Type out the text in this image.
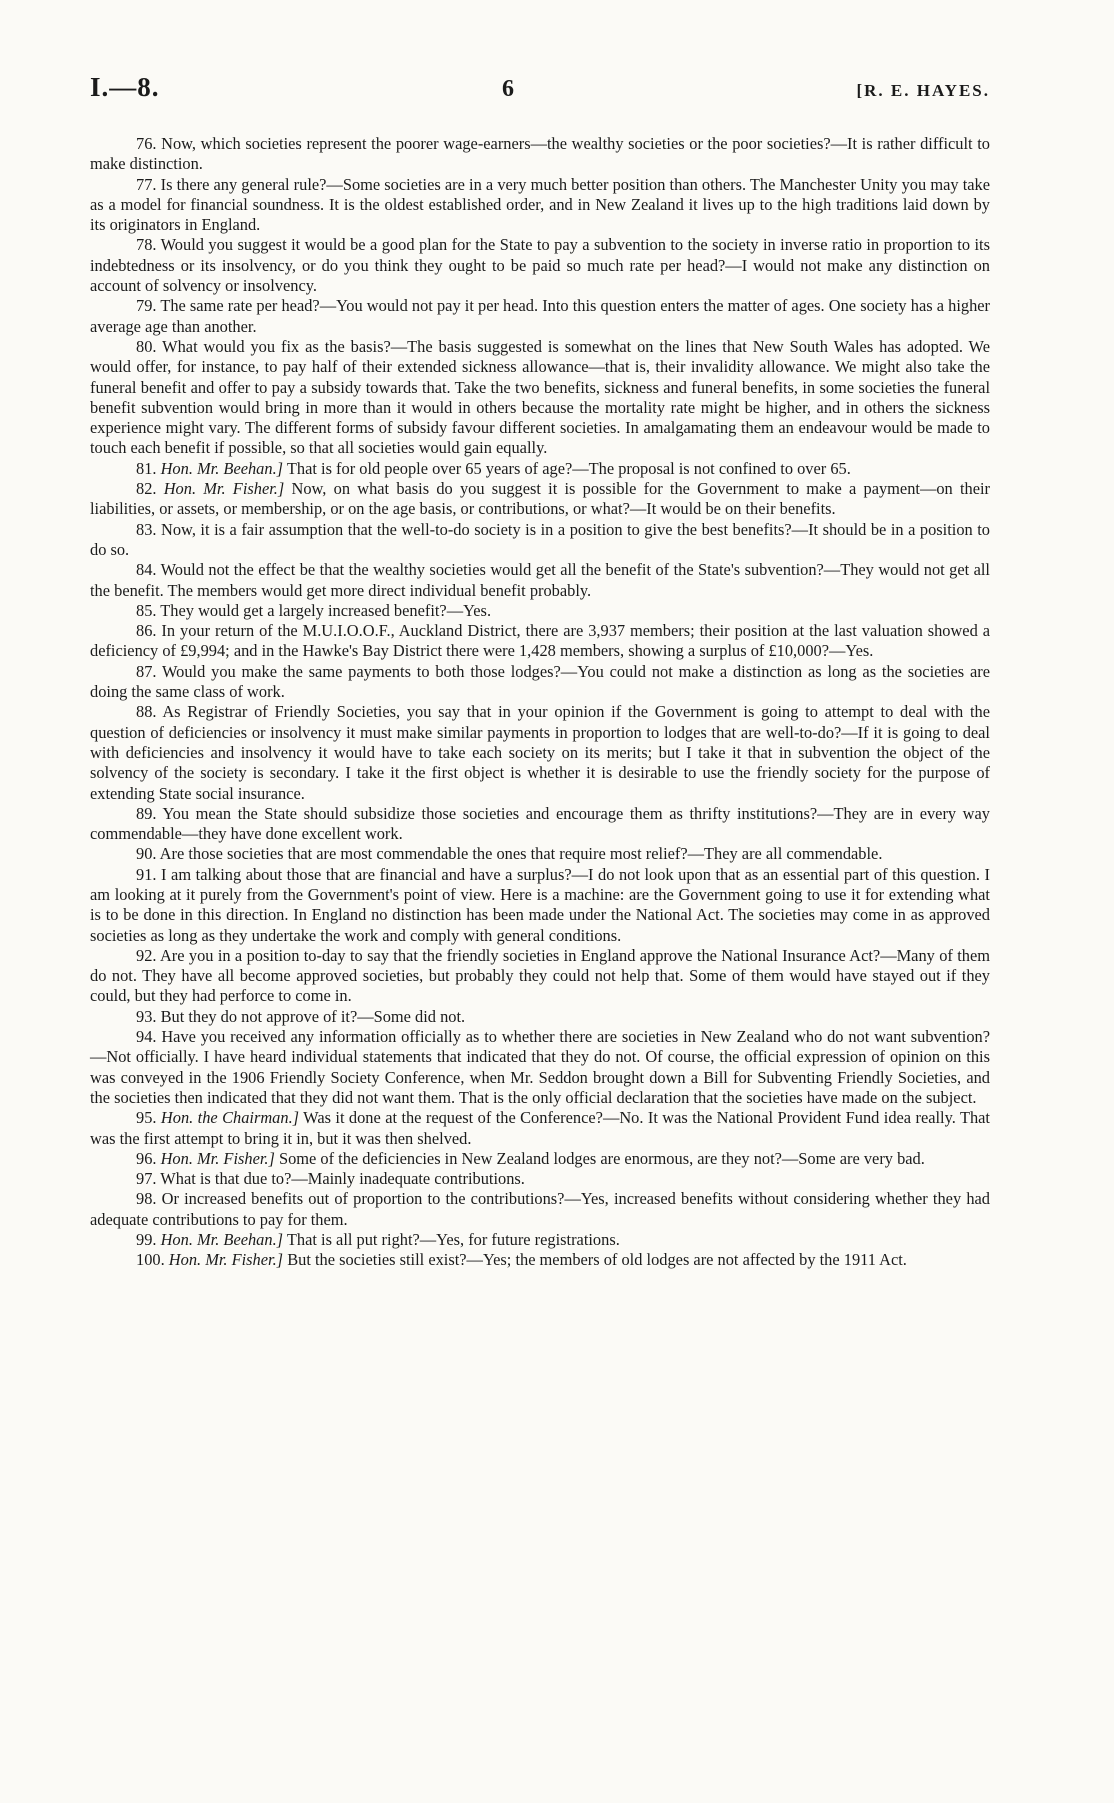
I.—8.	6	[R. E. HAYES.

76. Now, which societies represent the poorer wage-earners—the wealthy societies or the poor societies?—It is rather difficult to make distinction.

77. Is there any general rule?—Some societies are in a very much better position than others. The Manchester Unity you may take as a model for financial soundness. It is the oldest established order, and in New Zealand it lives up to the high traditions laid down by its originators in England.

78. Would you suggest it would be a good plan for the State to pay a subvention to the society in inverse ratio in proportion to its indebtedness or its insolvency, or do you think they ought to be paid so much rate per head?—I would not make any distinction on account of solvency or insolvency.

79. The same rate per head?—You would not pay it per head. Into this question enters the matter of ages. One society has a higher average age than another.

80. What would you fix as the basis?—The basis suggested is somewhat on the lines that New South Wales has adopted. We would offer, for instance, to pay half of their extended sickness allowance—that is, their invalidity allowance. We might also take the funeral benefit and offer to pay a subsidy towards that. Take the two benefits, sickness and funeral benefits, in some societies the funeral benefit subvention would bring in more than it would in others because the mortality rate might be higher, and in others the sickness experience might vary. The different forms of subsidy favour different societies. In amalgamating them an endeavour would be made to touch each benefit if possible, so that all societies would gain equally.

81. Hon. Mr. Beehan.] That is for old people over 65 years of age?—The proposal is not confined to over 65.

82. Hon. Mr. Fisher.] Now, on what basis do you suggest it is possible for the Government to make a payment—on their liabilities, or assets, or membership, or on the age basis, or contributions, or what?—It would be on their benefits.

83. Now, it is a fair assumption that the well-to-do society is in a position to give the best benefits?—It should be in a position to do so.

84. Would not the effect be that the wealthy societies would get all the benefit of the State's subvention?—They would not get all the benefit. The members would get more direct individual benefit probably.

85. They would get a largely increased benefit?—Yes.

86. In your return of the M.U.I.O.O.F., Auckland District, there are 3,937 members; their position at the last valuation showed a deficiency of £9,994; and in the Hawke's Bay District there were 1,428 members, showing a surplus of £10,000?—Yes.

87. Would you make the same payments to both those lodges?—You could not make a distinction as long as the societies are doing the same class of work.

88. As Registrar of Friendly Societies, you say that in your opinion if the Government is going to attempt to deal with the question of deficiencies or insolvency it must make similar payments in proportion to lodges that are well-to-do?—If it is going to deal with deficiencies and insolvency it would have to take each society on its merits; but I take it that in subvention the object of the solvency of the society is secondary. I take it the first object is whether it is desirable to use the friendly society for the purpose of extending State social insurance.

89. You mean the State should subsidize those societies and encourage them as thrifty institutions?—They are in every way commendable—they have done excellent work.

90. Are those societies that are most commendable the ones that require most relief?—They are all commendable.

91. I am talking about those that are financial and have a surplus?—I do not look upon that as an essential part of this question. I am looking at it purely from the Government's point of view. Here is a machine: are the Government going to use it for extending what is to be done in this direction. In England no distinction has been made under the National Act. The societies may come in as approved societies as long as they undertake the work and comply with general conditions.

92. Are you in a position to-day to say that the friendly societies in England approve the National Insurance Act?—Many of them do not. They have all become approved societies, but probably they could not help that. Some of them would have stayed out if they could, but they had perforce to come in.

93. But they do not approve of it?—Some did not.

94. Have you received any information officially as to whether there are societies in New Zealand who do not want subvention?—Not officially. I have heard individual statements that indicated that they do not. Of course, the official expression of opinion on this was conveyed in the 1906 Friendly Society Conference, when Mr. Seddon brought down a Bill for Subventing Friendly Societies, and the societies then indicated that they did not want them. That is the only official declaration that the societies have made on the subject.

95. Hon. the Chairman.] Was it done at the request of the Conference?—No. It was the National Provident Fund idea really. That was the first attempt to bring it in, but it was then shelved.

96. Hon. Mr. Fisher.] Some of the deficiencies in New Zealand lodges are enormous, are they not?—Some are very bad.

97. What is that due to?—Mainly inadequate contributions.

98. Or increased benefits out of proportion to the contributions?—Yes, increased benefits without considering whether they had adequate contributions to pay for them.

99. Hon. Mr. Beehan.] That is all put right?—Yes, for future registrations.

100. Hon. Mr. Fisher.] But the societies still exist?—Yes; the members of old lodges are not affected by the 1911 Act.
